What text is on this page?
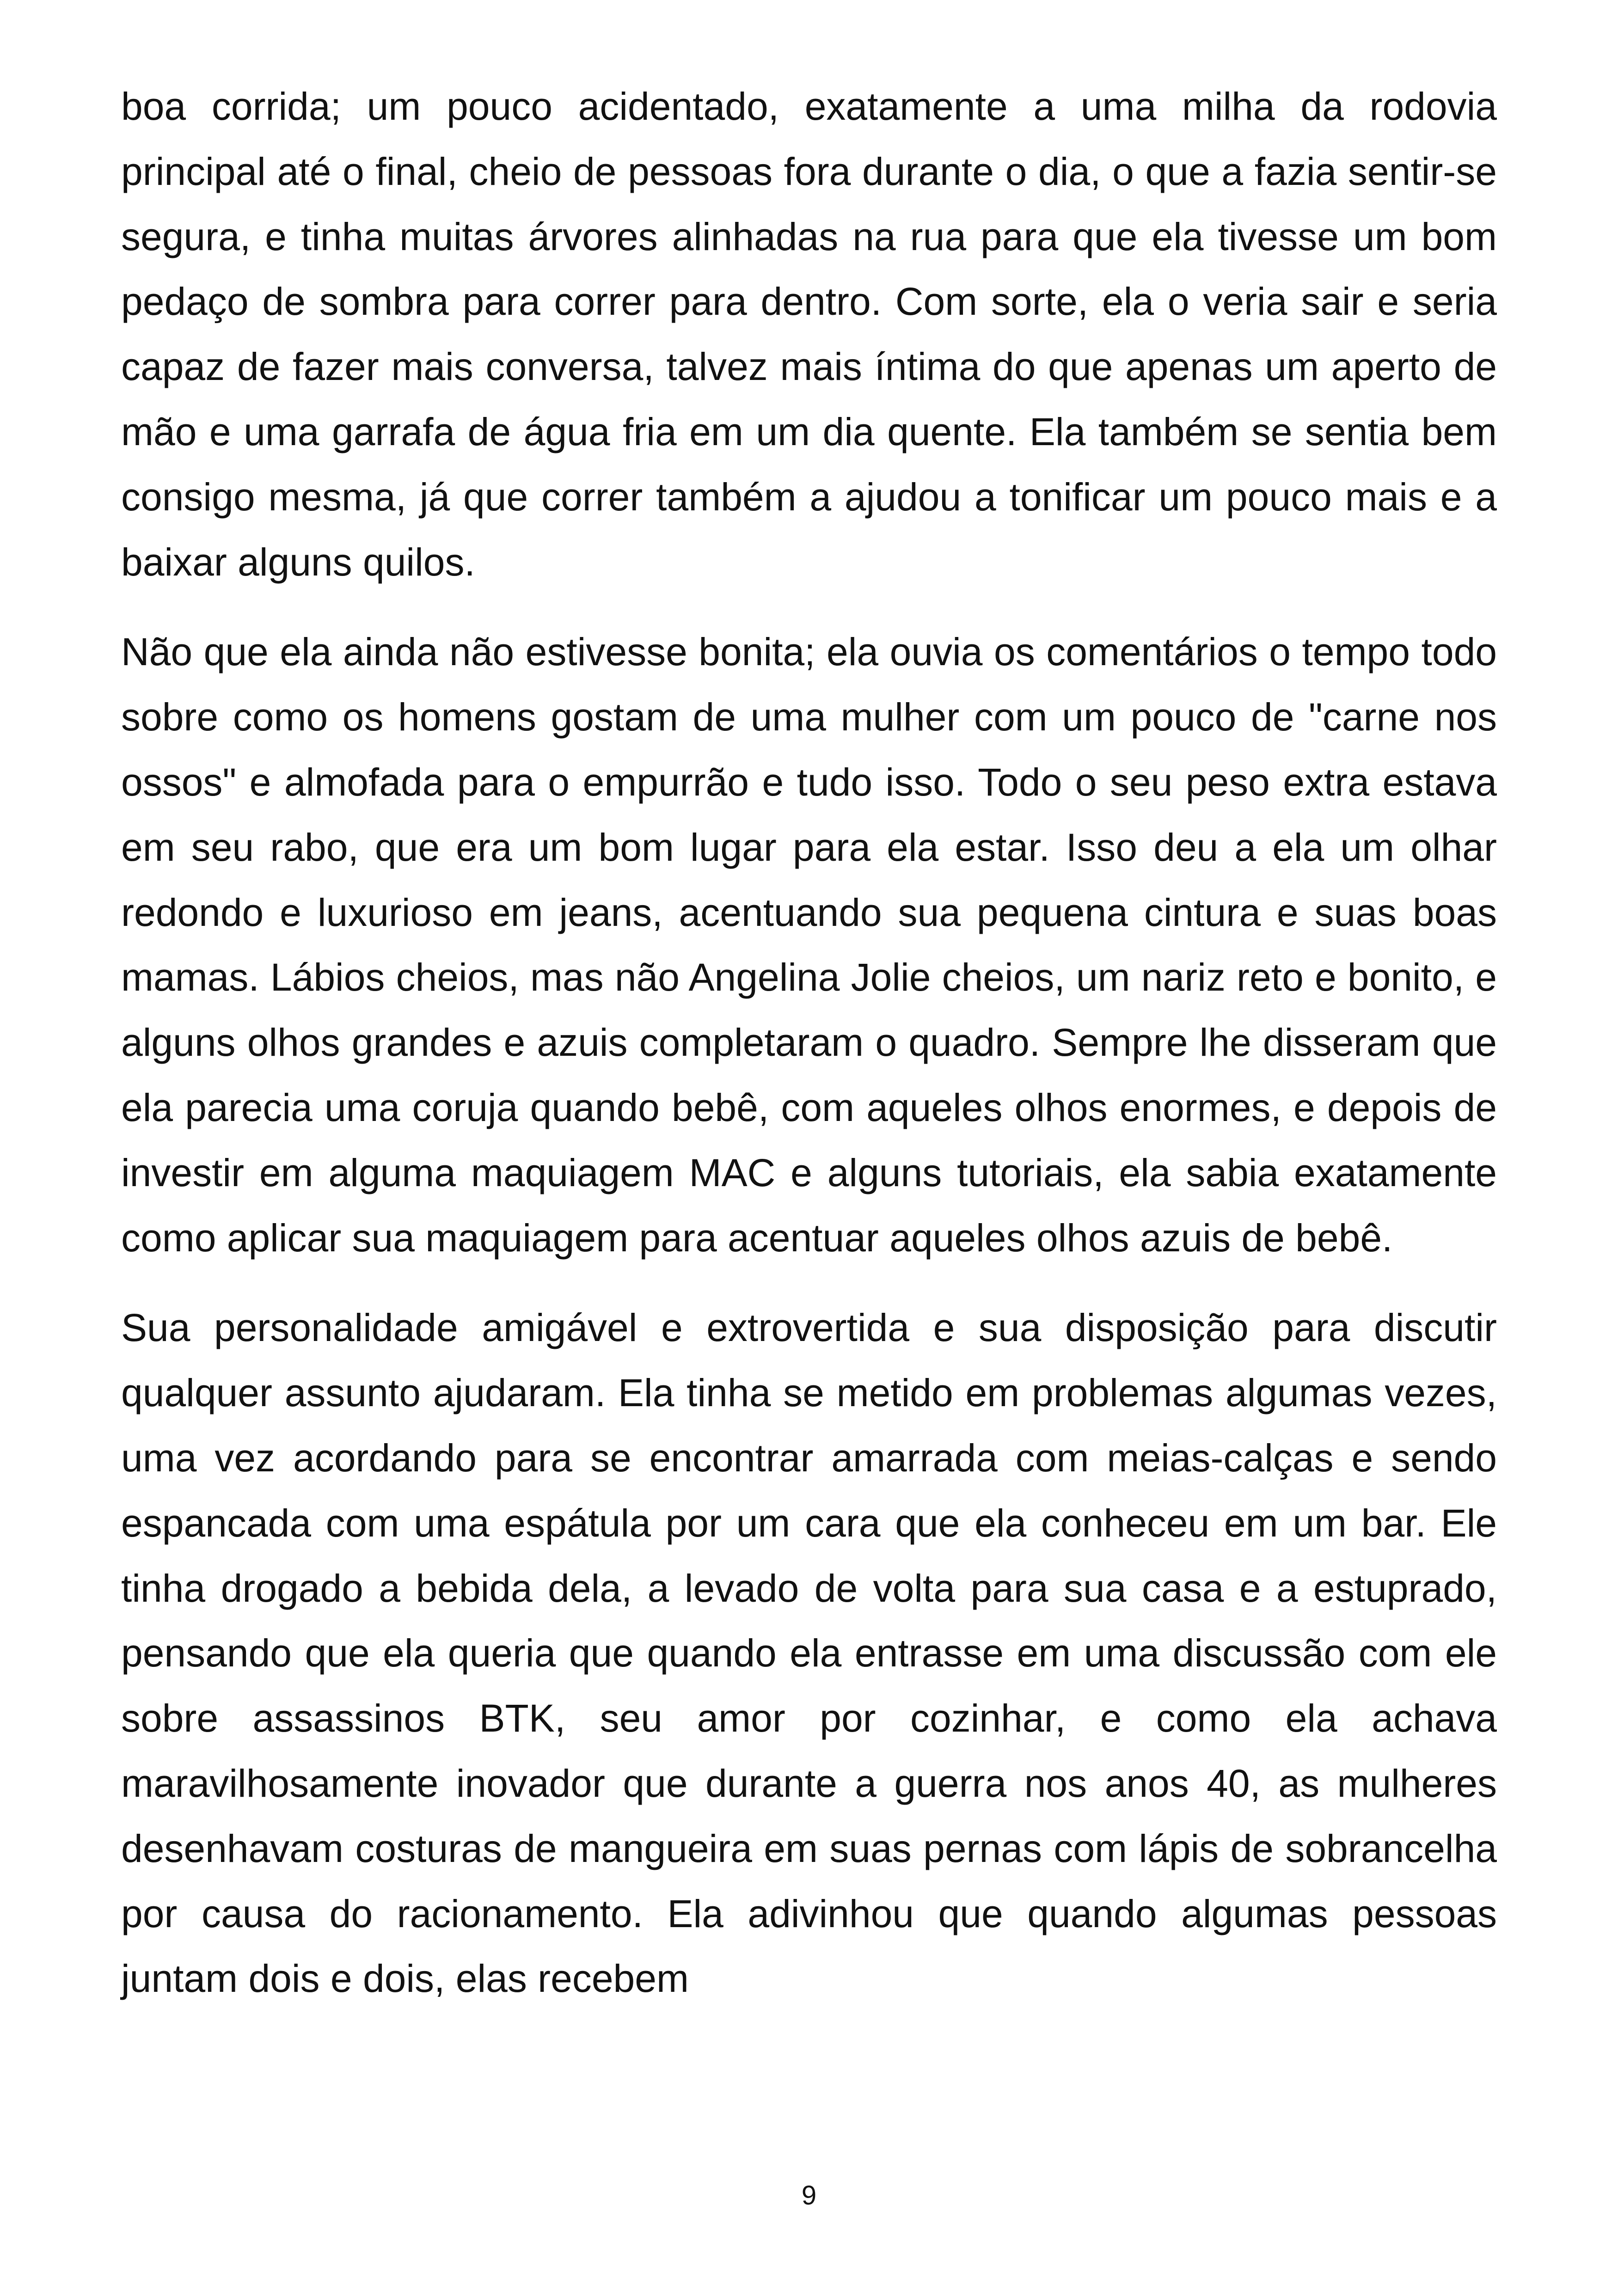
boa corrida; um pouco acidentado, exatamente a uma milha da rodovia principal até o final, cheio de pessoas fora durante o dia, o que a fazia sentir-se segura, e tinha muitas árvores alinhadas na rua para que ela tivesse um bom pedaço de sombra para correr para dentro. Com sorte, ela o veria sair e seria capaz de fazer mais conversa, talvez mais íntima do que apenas um aperto de mão e uma garrafa de água fria em um dia quente. Ela também se sentia bem consigo mesma, já que correr também a ajudou a tonificar um pouco mais e a baixar alguns quilos.

Não que ela ainda não estivesse bonita; ela ouvia os comentários o tempo todo sobre como os homens gostam de uma mulher com um pouco de "carne nos ossos" e almofada para o empurrão e tudo isso. Todo o seu peso extra estava em seu rabo, que era um bom lugar para ela estar. Isso deu a ela um olhar redondo e luxurioso em jeans, acentuando sua pequena cintura e suas boas mamas. Lábios cheios, mas não Angelina Jolie cheios, um nariz reto e bonito, e alguns olhos grandes e azuis completaram o quadro. Sempre lhe disseram que ela parecia uma coruja quando bebê, com aqueles olhos enormes, e depois de investir em alguma maquiagem MAC e alguns tutoriais, ela sabia exatamente como aplicar sua maquiagem para acentuar aqueles olhos azuis de bebê.

Sua personalidade amigável e extrovertida e sua disposição para discutir qualquer assunto ajudaram. Ela tinha se metido em problemas algumas vezes, uma vez acordando para se encontrar amarrada com meias-calças e sendo espancada com uma espátula por um cara que ela conheceu em um bar. Ele tinha drogado a bebida dela, a levado de volta para sua casa e a estuprado, pensando que ela queria que quando ela entrasse em uma discussão com ele sobre assassinos BTK, seu amor por cozinhar, e como ela achava maravilhosamente inovador que durante a guerra nos anos 40, as mulheres desenhavam costuras de mangueira em suas pernas com lápis de sobrancelha por causa do racionamento. Ela adivinhou que quando algumas pessoas juntam dois e dois, elas recebem

9
